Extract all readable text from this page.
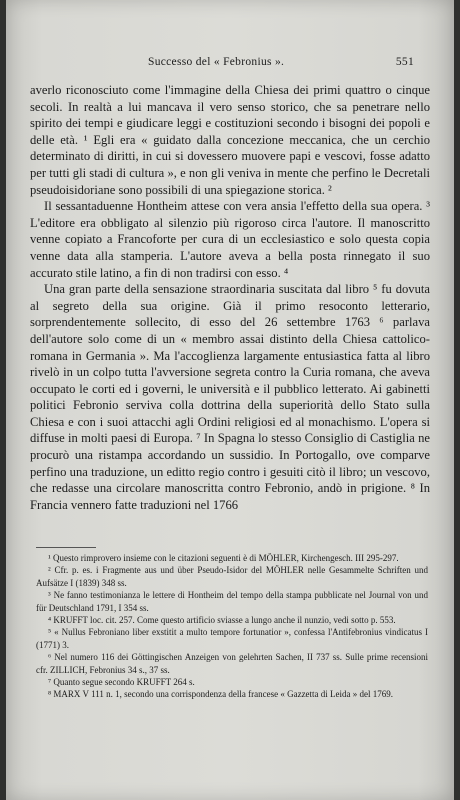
Successo del « Febronius ».	551

averlo riconosciuto come l'immagine della Chiesa dei primi quattro o cinque secoli. In realtà a lui mancava il vero senso storico, che sa penetrare nello spirito dei tempi e giudicare leggi e costituzioni secondo i bisogni dei popoli e delle età. ¹ Egli era « guidato dalla concezione meccanica, che un cerchio determinato di diritti, in cui si dovessero muovere papi e vescovi, fosse adatto per tutti gli stadi di cultura », e non gli veniva in mente che perfino le Decretali pseudoisidoriane sono possibili di una spiegazione storica. ²

Il sessantaduenne Hontheim attese con vera ansia l'effetto della sua opera. ³ L'editore era obbligato al silenzio più rigoroso circa l'autore. Il manoscritto venne copiato a Francoforte per cura di un ecclesiastico e solo questa copia venne data alla stamperia. L'autore aveva a bella posta rinnegato il suo accurato stile latino, a fin di non tradirsi con esso. ⁴

Una gran parte della sensazione straordinaria suscitata dal libro ⁵ fu dovuta al segreto della sua origine. Già il primo resoconto letterario, sorprendentemente sollecito, di esso del 26 settembre 1763 ⁶ parlava dell'autore solo come di un « membro assai distinto della Chiesa cattolico-romana in Germania ». Ma l'accoglienza largamente entusiastica fatta al libro rivelò in un colpo tutta l'avversione segreta contro la Curia romana, che aveva occupato le corti ed i governi, le università e il pubblico letterato. Ai gabinetti politici Febronio serviva colla dottrina della superiorità dello Stato sulla Chiesa e con i suoi attacchi agli Ordini religiosi ed al monachismo. L'opera si diffuse in molti paesi di Europa. ⁷ In Spagna lo stesso Consiglio di Castiglia ne procurò una ristampa accordando un sussidio. In Portogallo, ove comparve perfino una traduzione, un editto regio contro i gesuiti citò il libro; un vescovo, che redasse una circolare manoscritta contro Febronio, andò in prigione. ⁸ In Francia vennero fatte traduzioni nel 1766

¹ Questo rimprovero insieme con le citazioni seguenti è di MÖHLER, Kirchengesch. III 295-297.

² Cfr. p. es. i Fragmente aus und über Pseudo-Isidor del MÖHLER nelle Gesammelte Schriften und Aufsätze I (1839) 348 ss.

³ Ne fanno testimonianza le lettere di Hontheim del tempo della stampa pubblicate nel Journal von und für Deutschland 1791, I 354 ss.

⁴ KRUFFT loc. cit. 257. Come questo artificio sviasse a lungo anche il nunzio, vedi sotto p. 553.

⁵ « Nullus Febroniano liber exstitit a multo tempore fortunatior », confessa l'Antifebronius vindicatus I (1771) 3.

⁶ Nel numero 116 dei Göttingischen Anzeigen von gelehrten Sachen, II 737 ss. Sulle prime recensioni cfr. ZILLICH, Febronius 34 s., 37 ss.

⁷ Quanto segue secondo KRUFFT 264 s.

⁸ MARX V 111 n. 1, secondo una corrispondenza della francese « Gazzetta di Leida » del 1769.
